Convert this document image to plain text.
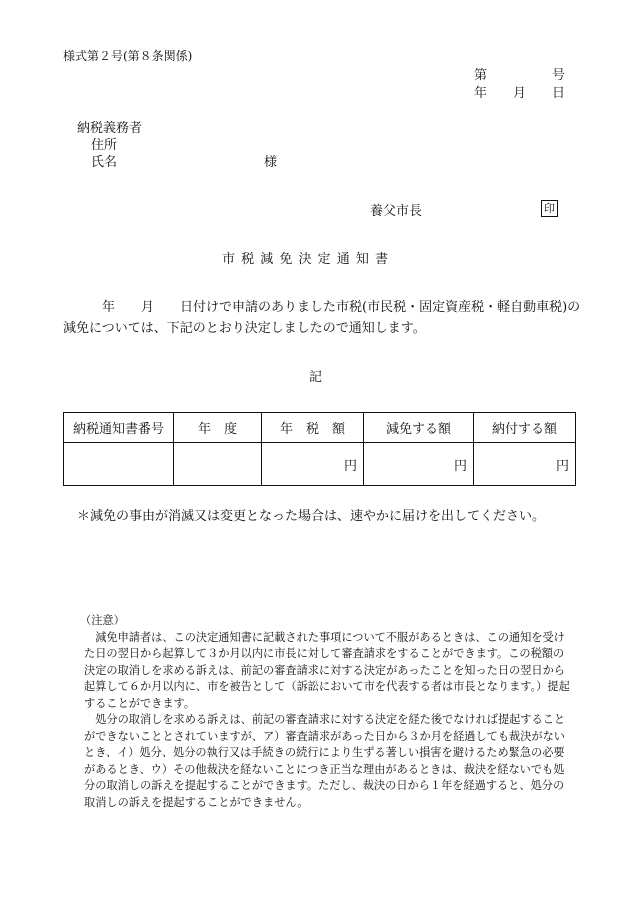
様式第２号(第８条関係)
第　　　　　号
年　　月　　日
納税義務者
住所
氏名	様
養父市長	印
市 税 減 免 決 定 通 知 書
　　　年　　月　　日付けで申請のありました市税(市民税・固定資産税・軽自動車税)の減免については、下記のとおり決定しましたので通知します。
記
納税通知書番号	年　度	年　税　額	減免する額	納付する額
		円	円	円
＊減免の事由が消滅又は変更となった場合は、速やかに届けを出してください。

（注意）

　減免申請者は、この決定通知書に記載された事項について不服があるときは、この通知を受けた日の翌日から起算して３か月以内に市長に対して審査請求をすることができます。この税額の決定の取消しを求める訴えは、前記の審査請求に対する決定があったことを知った日の翌日から起算して６か月以内に、市を被告として（訴訟において市を代表する者は市長となります。）提起することができます。

　処分の取消しを求める訴えは、前記の審査請求に対する決定を経た後でなければ提起することができないこととされていますが、ア）審査請求があった日から３か月を経過しても裁決がないとき、イ）処分、処分の執行又は手続きの続行により生ずる著しい損害を避けるため緊急の必要があるとき、ウ）その他裁決を経ないことにつき正当な理由があるときは、裁決を経ないでも処分の取消しの訴えを提起することができます。ただし、裁決の日から１年を経過すると、処分の取消しの訴えを提起することができません。
